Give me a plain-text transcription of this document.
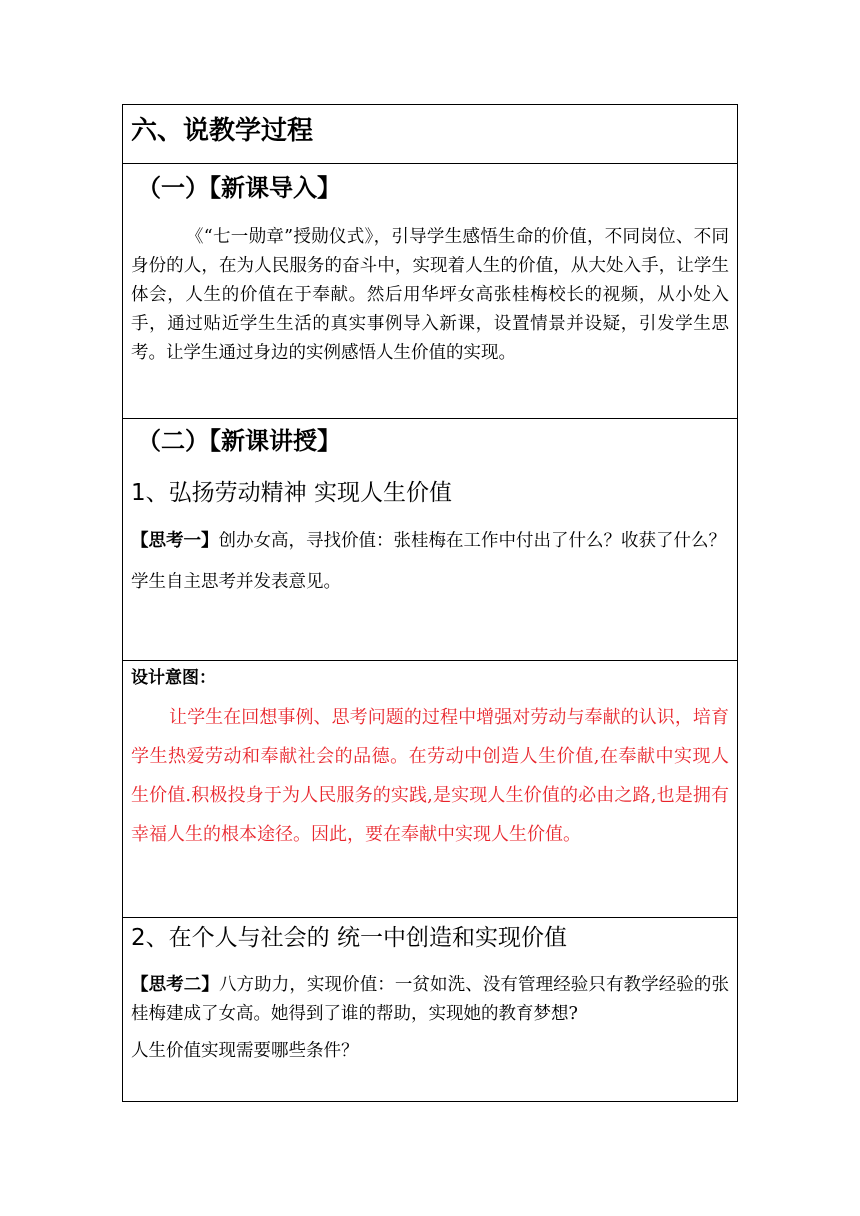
六、说教学过程

（一）【新课导入】

《“七一勋章”授勋仪式》，引导学生感悟生命的价值，不同岗位、不同身份的人，在为人民服务的奋斗中，实现着人生的价值，从大处入手，让学生体会，人生的价值在于奉献。然后用华坪女高张桂梅校长的视频，从小处入手，通过贴近学生生活的真实事例导入新课，设置情景并设疑，引发学生思考。让学生通过身边的实例感悟人生价值的实现。

（二）【新课讲授】

1、弘扬劳动精神 实现人生价值

【思考一】创办女高，寻找价值：张桂梅在工作中付出了什么？收获了什么？

学生自主思考并发表意见。

设计意图：

让学生在回想事例、思考问题的过程中增强对劳动与奉献的认识，培育学生热爱劳动和奉献社会的品德。在劳动中创造人生价值,在奉献中实现人生价值.积极投身于为人民服务的实践,是实现人生价值的必由之路,也是拥有幸福人生的根本途径。因此，要在奉献中实现人生价值。

2、在个人与社会的 统一中创造和实现价值

【思考二】八方助力，实现价值：一贫如洗、没有管理经验只有教学经验的张桂梅建成了女高。她得到了谁的帮助，实现她的教育梦想?

人生价值实现需要哪些条件？
